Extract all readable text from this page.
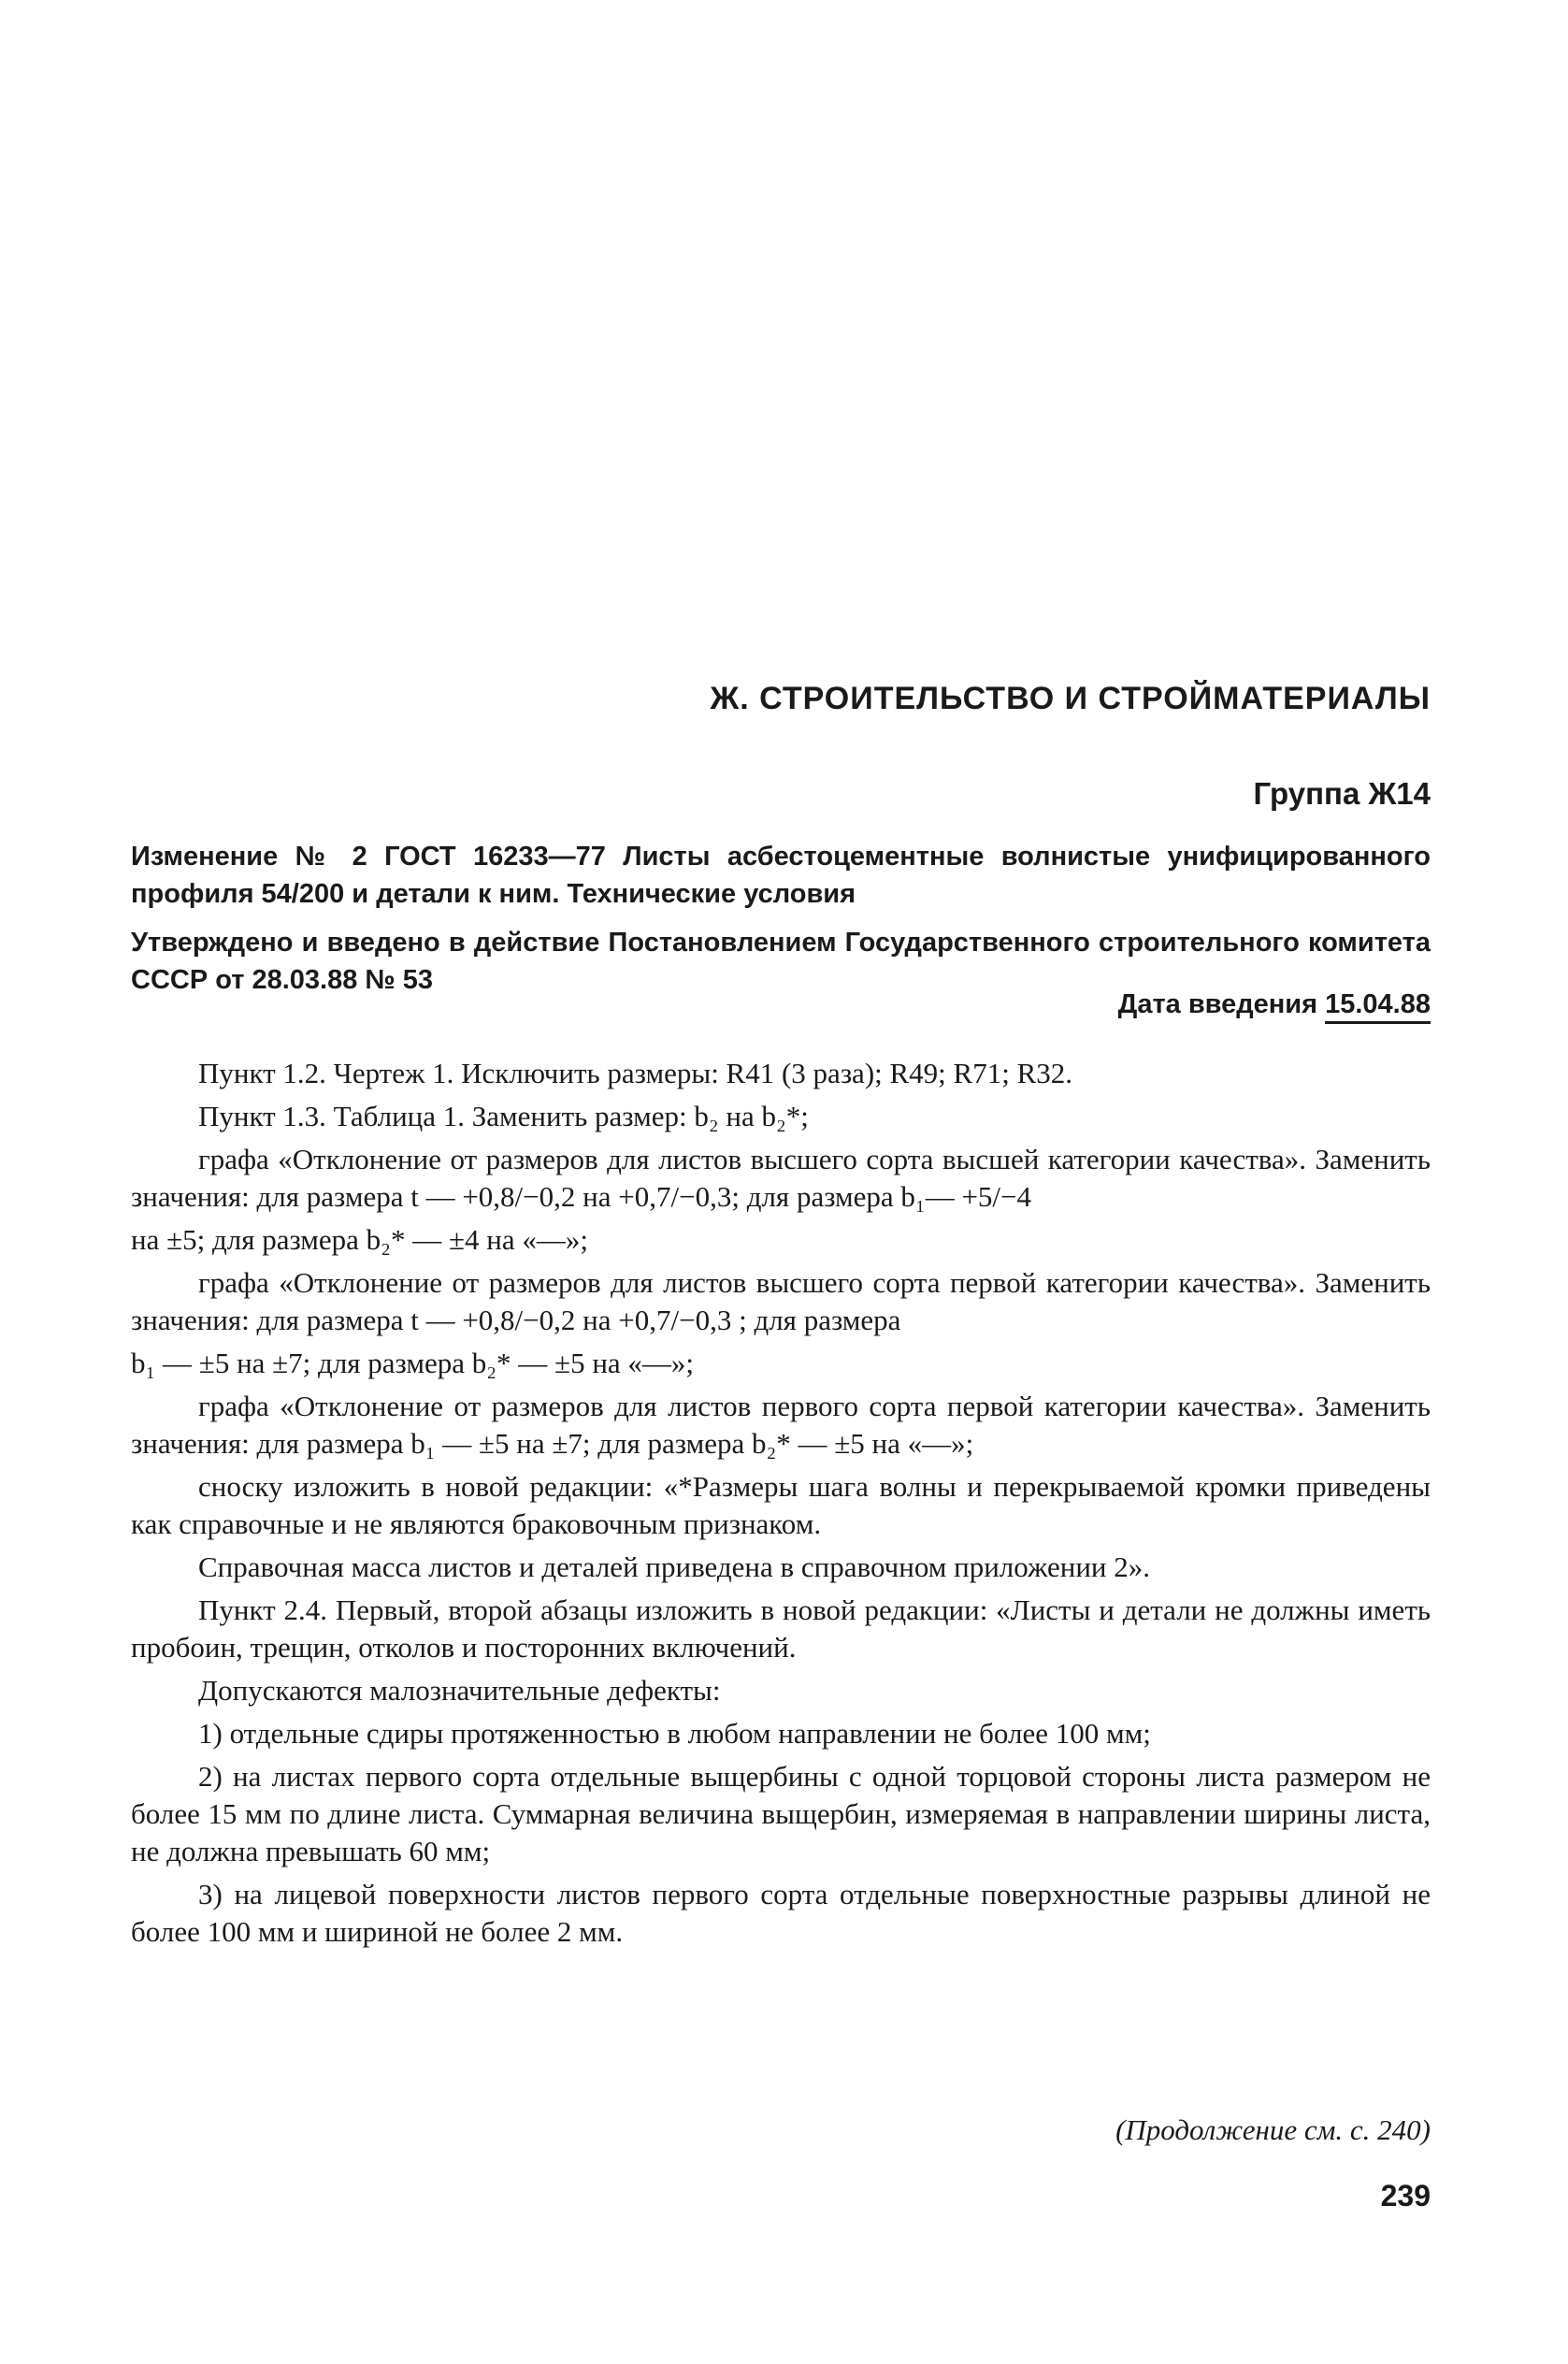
Ж. СТРОИТЕЛЬСТВО И СТРОЙМАТЕРИАЛЫ
Группа Ж14
Изменение № 2 ГОСТ 16233—77 Листы асбестоцементные волнистые унифицированного профиля 54/200 и детали к ним. Технические условия
Утверждено и введено в действие Постановлением Государственного строительного комитета СССР от 28.03.88 № 53
Дата введения 15.04.88

Пункт 1.2. Чертеж 1. Исключить размеры: R41 (3 раза); R49; R71; R32.

Пункт 1.3. Таблица 1. Заменить размер: b₂ на b₂*;

графа «Отклонение от размеров для листов высшего сорта высшей категории качества». Заменить значения: для размера t — +0,8/−0,2 на +0,7/−0,3; для размера b₁— +5/−4

на ±5; для размера b₂* — ±4 на «—»;

графа «Отклонение от размеров для листов высшего сорта первой категории качества». Заменить значения: для размера t — +0,8/−0,2 на +0,7/−0,3 ; для размера

b₁ — ±5 на ±7; для размера b₂* — ±5 на «—»;

графа «Отклонение от размеров для листов первого сорта первой категории качества». Заменить значения: для размера b₁ — ±5 на ±7; для размера b₂* — ±5 на «—»;

сноску изложить в новой редакции: «*Размеры шага волны и перекрываемой кромки приведены как справочные и не являются браковочным признаком.

Справочная масса листов и деталей приведена в справочном приложении 2».

Пункт 2.4. Первый, второй абзацы изложить в новой редакции: «Листы и детали не должны иметь пробоин, трещин, отколов и посторонних включений.

Допускаются малозначительные дефекты:

1) отдельные сдиры протяженностью в любом направлении не более 100 мм;

2) на листах первого сорта отдельные выщербины с одной торцовой стороны листа размером не более 15 мм по длине листа. Суммарная величина выщербин, измеряемая в направлении ширины листа, не должна превышать 60 мм;

3) на лицевой поверхности листов первого сорта отдельные поверхностные разрывы длиной не более 100 мм и шириной не более 2 мм.

(Продолжение см. с. 240)
239
